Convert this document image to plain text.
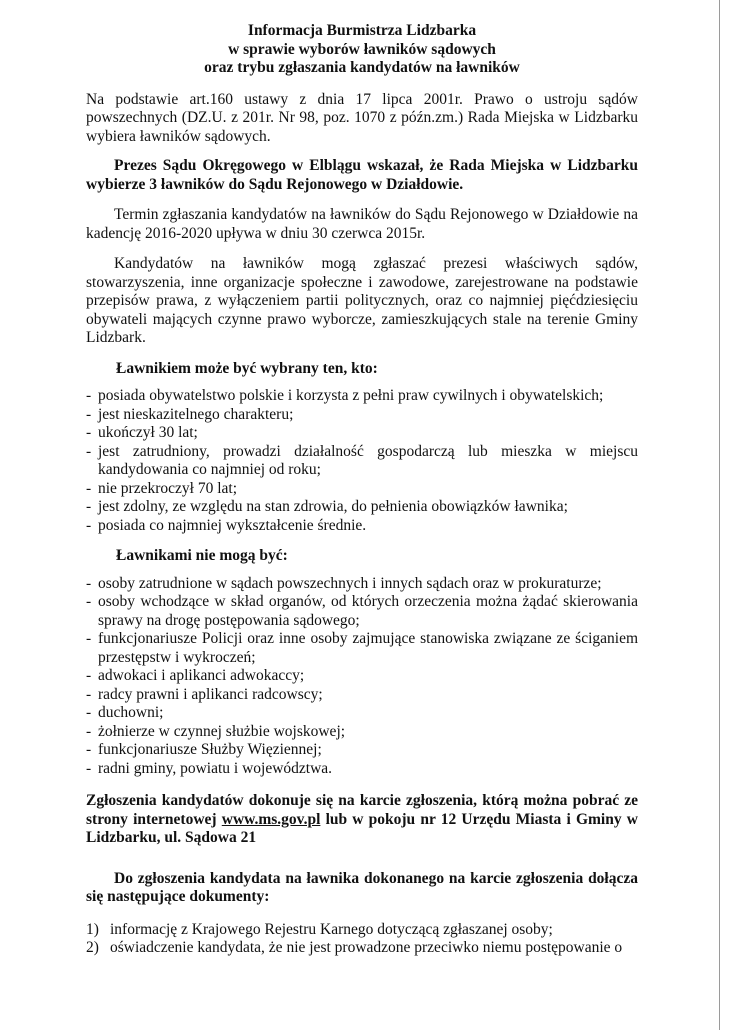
Informacja Burmistrza Lidzbarka
w sprawie wyborów ławników sądowych
oraz trybu zgłaszania kandydatów na ławników

Na podstawie art.160 ustawy z dnia 17 lipca 2001r. Prawo o ustroju sądów powszechnych (DZ.U. z 201r. Nr 98, poz. 1070 z późn.zm.) Rada Miejska w Lidzbarku wybiera ławników sądowych.

Prezes Sądu Okręgowego w Elblągu wskazał, że Rada Miejska w Lidzbarku wybierze 3 ławników do Sądu Rejonowego w Działdowie.

Termin zgłaszania kandydatów na ławników do Sądu Rejonowego w Działdowie na kadencję 2016-2020 upływa w dniu 30 czerwca 2015r.

Kandydatów na ławników mogą zgłaszać prezesi właściwych sądów, stowarzyszenia, inne organizacje społeczne i zawodowe, zarejestrowane na podstawie przepisów prawa, z wyłączeniem partii politycznych, oraz co najmniej pięćdziesięciu obywateli mających czynne prawo wyborcze, zamieszkujących stale na terenie Gminy Lidzbark.

Ławnikiem może być wybrany ten, kto:
- posiada obywatelstwo polskie i korzysta z pełni praw cywilnych i obywatelskich;
- jest nieskazitelnego charakteru;
- ukończył 30 lat;
- jest zatrudniony, prowadzi działalność gospodarczą lub mieszka w miejscu kandydowania co najmniej od roku;
- nie przekroczył 70 lat;
- jest zdolny, ze względu na stan zdrowia, do pełnienia obowiązków ławnika;
- posiada co najmniej wykształcenie średnie.
Ławnikami nie mogą być:
- osoby zatrudnione w sądach powszechnych i innych sądach oraz w prokuraturze;
- osoby wchodzące w skład organów, od których orzeczenia można żądać skierowania sprawy na drogę postępowania sądowego;
- funkcjonariusze Policji oraz inne osoby zajmujące stanowiska związane ze ściganiem przestępstw i wykroczeń;
- adwokaci i aplikanci adwokaccy;
- radcy prawni i aplikanci radcowscy;
- duchowni;
- żołnierze w czynnej służbie wojskowej;
- funkcjonariusze Służby Więziennej;
- radni gminy, powiatu i województwa.

Zgłoszenia kandydatów dokonuje się na karcie zgłoszenia, którą można pobrać ze strony internetowej www.ms.gov.pl lub w pokoju nr 12 Urzędu Miasta i Gminy w Lidzbarku, ul. Sądowa 21

Do zgłoszenia kandydata na ławnika dokonanego na karcie zgłoszenia dołącza się następujące dokumenty:

1) informację z Krajowego Rejestru Karnego dotyczącą zgłaszanej osoby;
2) oświadczenie kandydata, że nie jest prowadzone przeciwko niemu postępowanie o
